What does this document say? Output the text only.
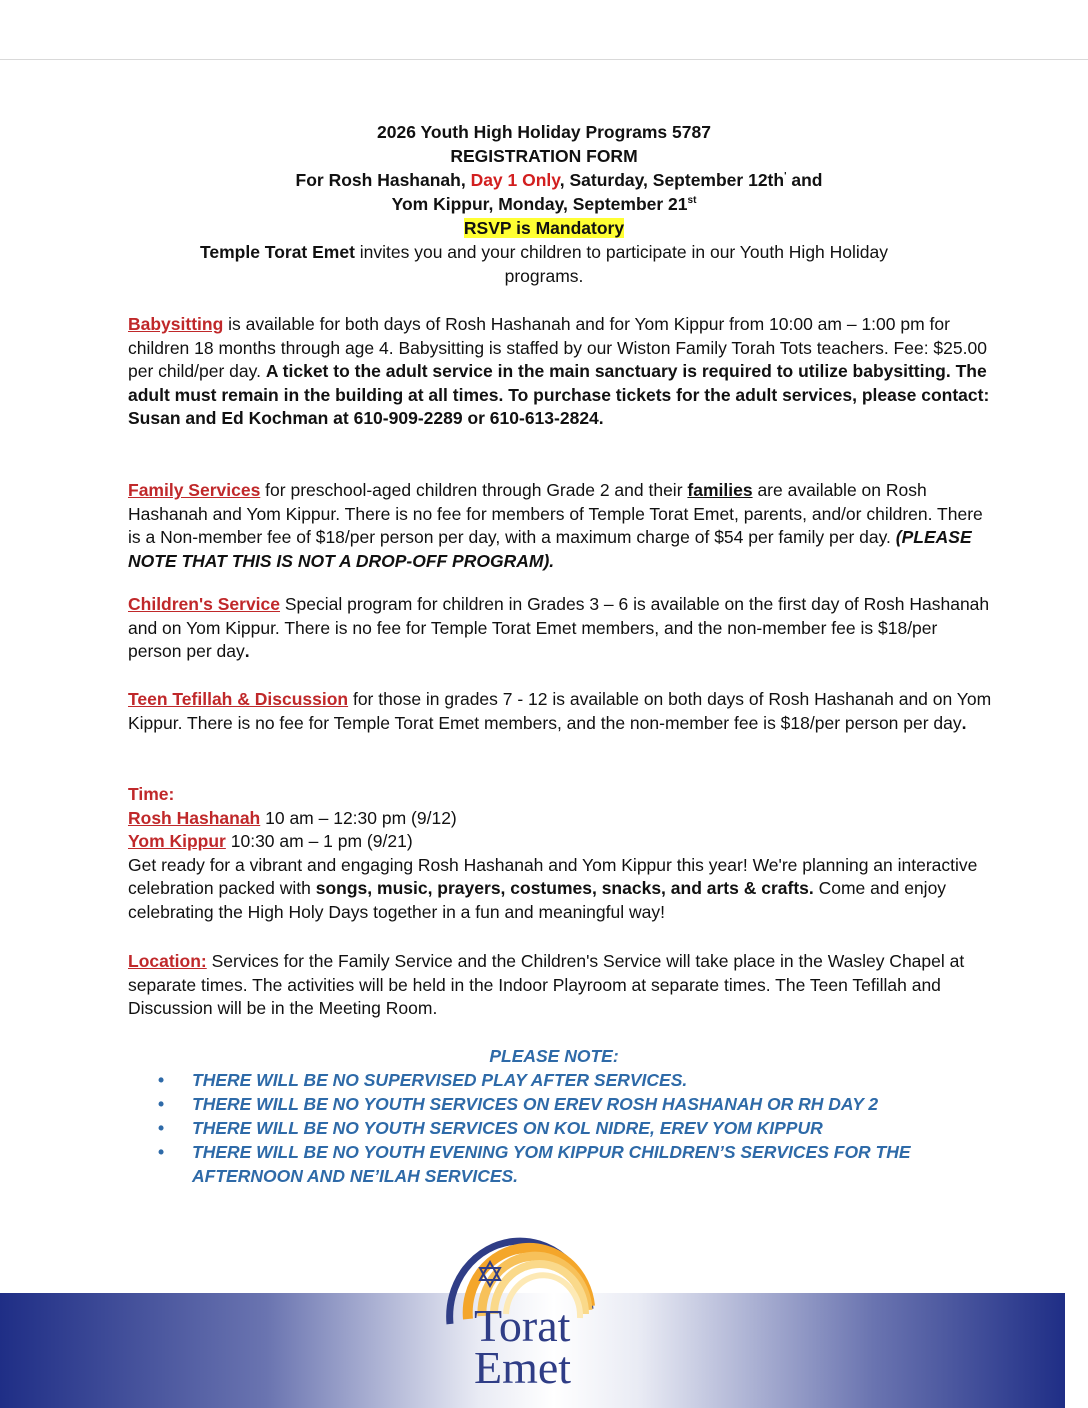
2026 Youth High Holiday Programs 5787
REGISTRATION FORM
For Rosh Hashanah, Day 1 Only, Saturday, September 12th' and
Yom Kippur, Monday, September 21st
RSVP is Mandatory
Temple Torat Emet invites you and your children to participate in our Youth High Holiday
programs.

Babysitting is available for both days of Rosh Hashanah and for Yom Kippur from 10:00 am – 1:00 pm for children 18 months through age 4. Babysitting is staffed by our Wiston Family Torah Tots teachers. Fee: $25.00 per child/per day. A ticket to the adult service in the main sanctuary is required to utilize babysitting. The adult must remain in the building at all times. To purchase tickets for the adult services, please contact:

Susan and Ed Kochman at 610-909-2289 or 610-613-2824.

Family Services for preschool-aged children through Grade 2 and their families are available on Rosh Hashanah and Yom Kippur. There is no fee for members of Temple Torat Emet, parents, and/or children. There is a Non-member fee of $18/per person per day, with a maximum charge of $54 per family per day. (PLEASE NOTE THAT THIS IS NOT A DROP-OFF PROGRAM).

Children's Service Special program for children in Grades 3 – 6 is available on the first day of Rosh Hashanah and on Yom Kippur. There is no fee for Temple Torat Emet members, and the non-member fee is $18/per person per day.

Teen Tefillah & Discussion for those in grades 7 - 12 is available on both days of Rosh Hashanah and on Yom Kippur. There is no fee for Temple Torat Emet members, and the non-member fee is $18/per person per day.

Time:

Rosh Hashanah 10 am – 12:30 pm (9/12)

Yom Kippur 10:30 am – 1 pm (9/21)

Get ready for a vibrant and engaging Rosh Hashanah and Yom Kippur this year! We're planning an interactive celebration packed with songs, music, prayers, costumes, snacks, and arts & crafts. Come and enjoy celebrating the High Holy Days together in a fun and meaningful way!

Location: Services for the Family Service and the Children's Service will take place in the Wasley Chapel at separate times. The activities will be held in the Indoor Playroom at separate times. The Teen Tefillah and Discussion will be in the Meeting Room.

PLEASE NOTE:
• THERE WILL BE NO SUPERVISED PLAY AFTER SERVICES.
• THERE WILL BE NO YOUTH SERVICES ON EREV ROSH HASHANAH OR RH DAY 2
• THERE WILL BE NO YOUTH SERVICES ON KOL NIDRE, EREV YOM KIPPUR
• THERE WILL BE NO YOUTH EVENING YOM KIPPUR CHILDREN’S SERVICES FOR THE AFTERNOON AND NE’ILAH SERVICES.
Torat
Emet
